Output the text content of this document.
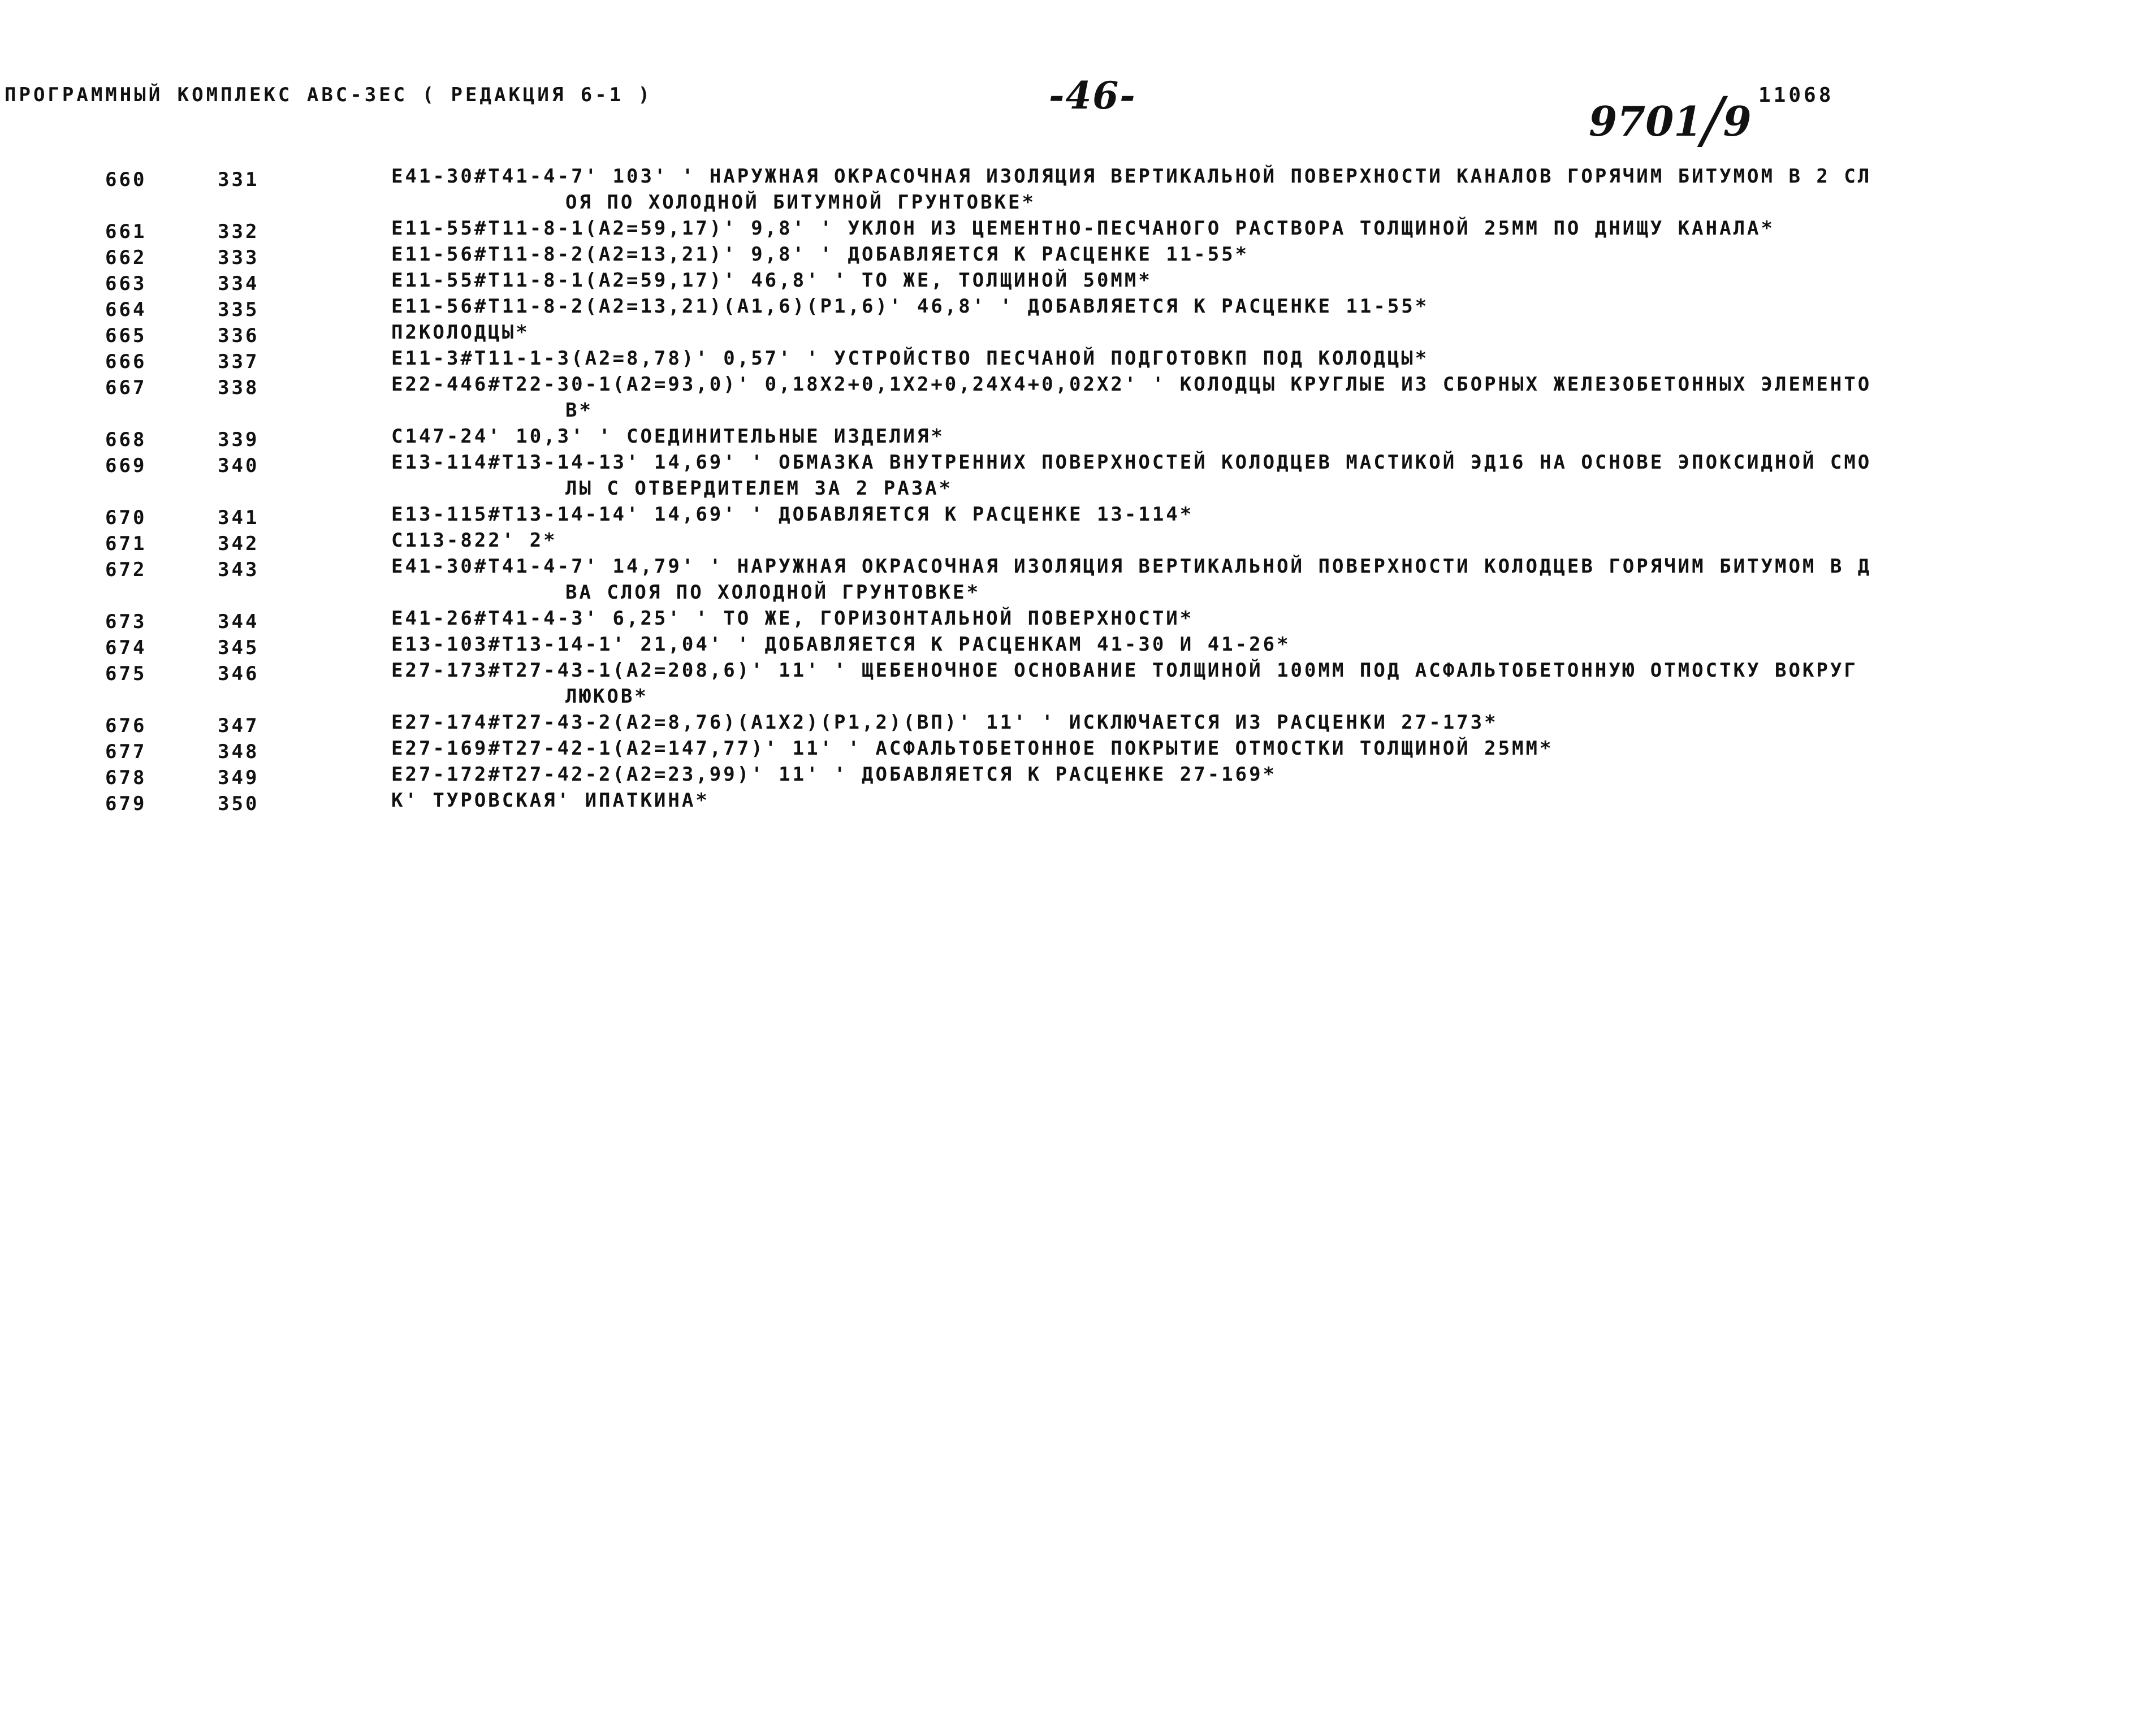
ПРОГРАММНЫЙ КОМПЛЕКС АВС-3ЕС ( РЕДАКЦИЯ 6-1 )	-46-
9701/9
11068
660	331	E41-30#T41-4-7' 103' ' НАРУЖНАЯ ОКРАСОЧНАЯ ИЗОЛЯЦИЯ ВЕРТИКАЛЬНОЙ ПОВЕРХНОСТИ КАНАЛОВ ГОРЯЧИМ БИТУМОМ В 2 СЛ
ОЯ ПО ХОЛОДНОЙ БИТУМНОЙ ГРУНТОВКЕ*
661	332	E11-55#T11-8-1(A2=59,17)' 9,8' ' УКЛОН ИЗ ЦЕМЕНТНО-ПЕСЧАНОГО РАСТВОРА ТОЛЩИНОЙ 25ММ ПО ДНИЩУ КАНАЛА*
662	333	E11-56#T11-8-2(A2=13,21)' 9,8' ' ДОБАВЛЯЕТСЯ К РАСЦЕНКЕ 11-55*
663	334	E11-55#T11-8-1(A2=59,17)' 46,8' ' ТО ЖЕ, ТОЛЩИНОЙ 50ММ*
664	335	E11-56#T11-8-2(A2=13,21)(A1,6)(P1,6)' 46,8' ' ДОБАВЛЯЕТСЯ К РАСЦЕНКЕ 11-55*
665	336	П2КОЛОДЦЫ*
666	337	E11-3#T11-1-3(A2=8,78)' 0,57' ' УСТРОЙСТВО ПЕСЧАНОЙ ПОДГОТОВКП ПОД КОЛОДЦЫ*
667	338	E22-446#T22-30-1(A2=93,0)' 0,18X2+0,1X2+0,24X4+0,02X2' ' КОЛОДЦЫ КРУГЛЫЕ ИЗ СБОРНЫХ ЖЕЛЕЗОБЕТОННЫХ ЭЛЕМЕНТО
В*
668	339	C147-24' 10,3' ' СОЕДИНИТЕЛЬНЫЕ ИЗДЕЛИЯ*
669	340	E13-114#T13-14-13' 14,69' ' ОБМАЗКА ВНУТРЕННИХ ПОВЕРХНОСТЕЙ КОЛОДЦЕВ МАСТИКОЙ ЭД16 НА ОСНОВЕ ЭПОКСИДНОЙ СМО
ЛЫ С ОТВЕРДИТЕЛЕМ ЗА 2 РАЗА*
670	341	E13-115#T13-14-14' 14,69' ' ДОБАВЛЯЕТСЯ К РАСЦЕНКЕ 13-114*
671	342	C113-822' 2*
672	343	E41-30#T41-4-7' 14,79' ' НАРУЖНАЯ ОКРАСОЧНАЯ ИЗОЛЯЦИЯ ВЕРТИКАЛЬНОЙ ПОВЕРХНОСТИ КОЛОДЦЕВ ГОРЯЧИМ БИТУМОМ В Д
ВА СЛОЯ ПО ХОЛОДНОЙ ГРУНТОВКЕ*
673	344	E41-26#T41-4-3' 6,25' ' ТО ЖЕ, ГОРИЗОНТАЛЬНОЙ ПОВЕРХНОСТИ*
674	345	E13-103#T13-14-1' 21,04' ' ДОБАВЛЯЕТСЯ К РАСЦЕНКАМ 41-30 И 41-26*
675	346	E27-173#T27-43-1(A2=208,6)' 11' ' ЩЕБЕНОЧНОЕ ОСНОВАНИЕ ТОЛЩИНОЙ 100ММ ПОД АСФАЛЬТОБЕТОННУЮ ОТМОСТКУ ВОКРУГ
ЛЮКОВ*
676	347	E27-174#T27-43-2(A2=8,76)(A1X2)(P1,2)(ВП)' 11' ' ИСКЛЮЧАЕТСЯ ИЗ РАСЦЕНКИ 27-173*
677	348	E27-169#T27-42-1(A2=147,77)' 11' ' АСФАЛЬТОБЕТОННОЕ ПОКРЫТИЕ ОТМОСТКИ ТОЛЩИНОЙ 25ММ*
678	349	E27-172#T27-42-2(A2=23,99)' 11' ' ДОБАВЛЯЕТСЯ К РАСЦЕНКЕ 27-169*
679	350	K' ТУРОВСКАЯ' ИПАТКИНА*
